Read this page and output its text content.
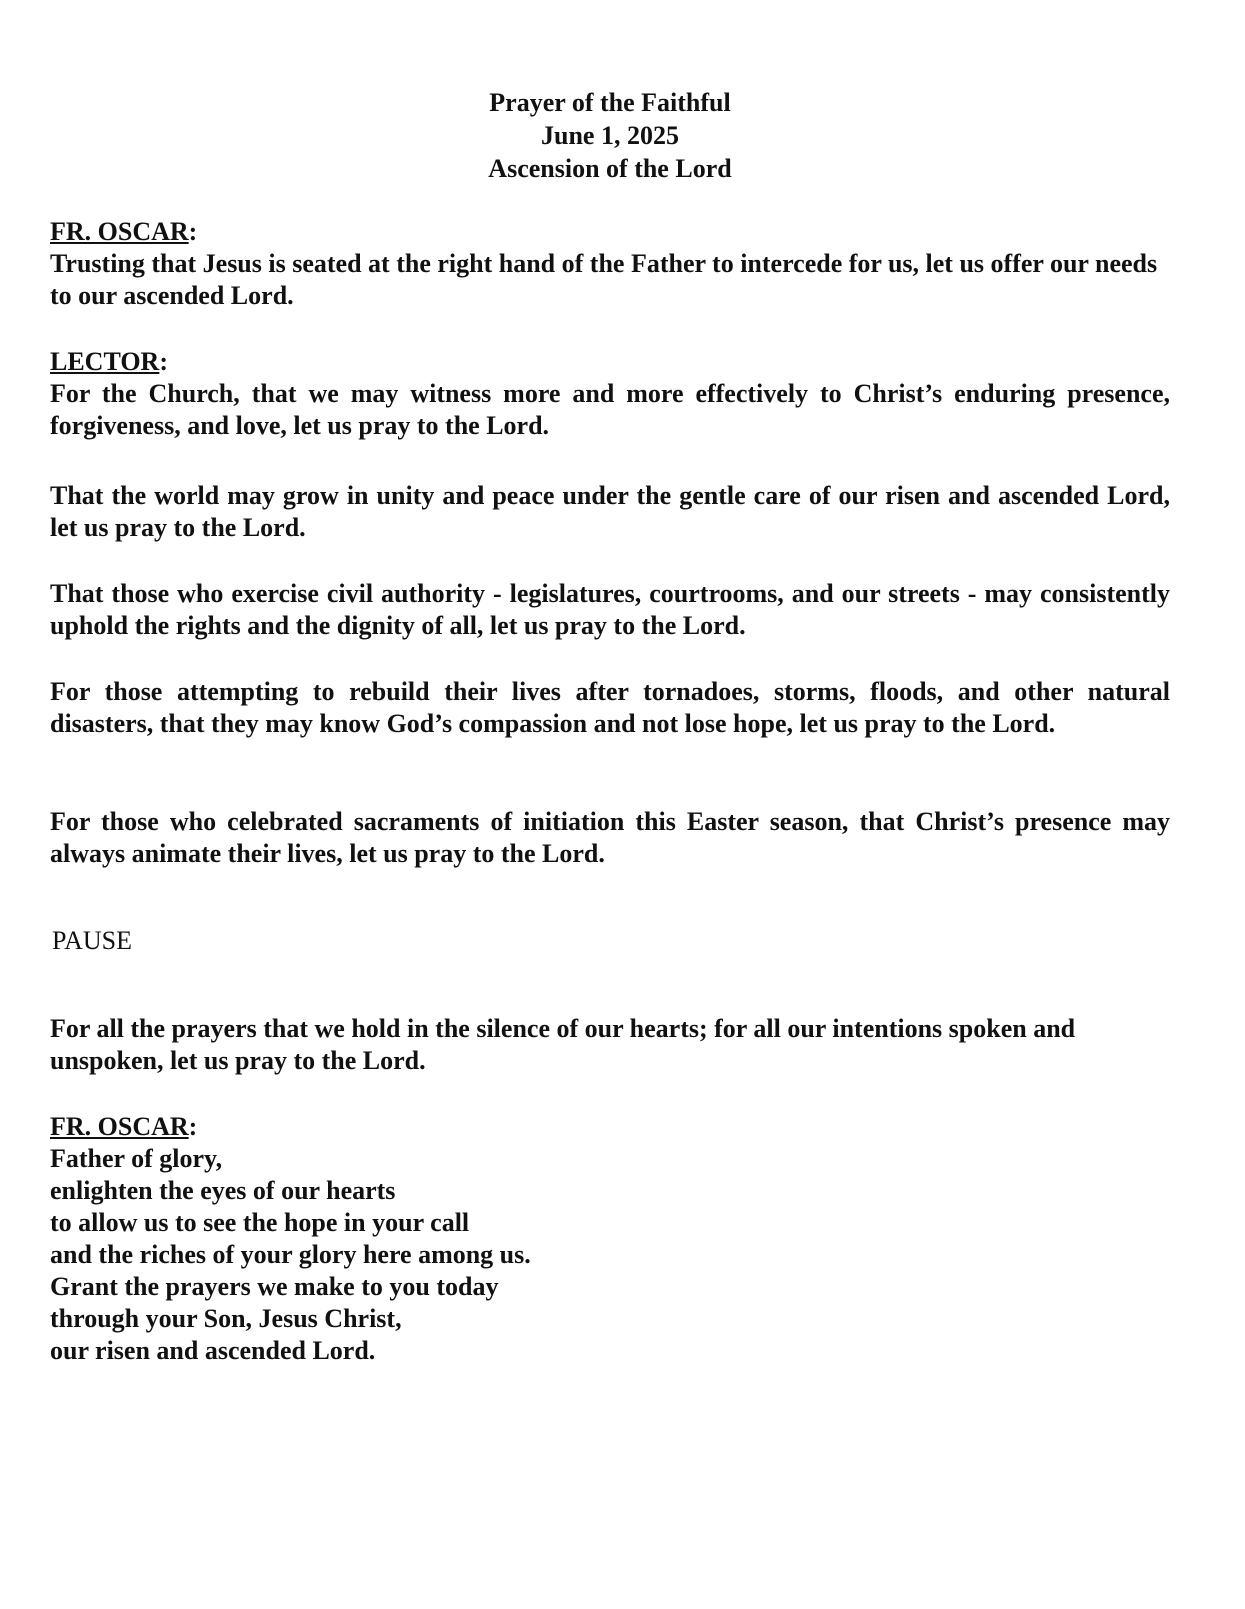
Prayer of the Faithful
June 1, 2025
Ascension of the Lord
FR. OSCAR:

Trusting that Jesus is seated at the right hand of the Father to intercede for us, let us offer our needs to our ascended Lord.

LECTOR:

For the Church, that we may witness more and more effectively to Christ’s enduring presence, forgiveness, and love, let us pray to the Lord.

That the world may grow in unity and peace under the gentle care of our risen and ascended Lord, let us pray to the Lord.

That those who exercise civil authority - legislatures, courtrooms, and our streets - may consistently uphold the rights and the dignity of all, let us pray to the Lord.

For those attempting to rebuild their lives after tornadoes, storms, floods, and other natural disasters, that they may know God’s compassion and not lose hope, let us pray to the Lord.

For those who celebrated sacraments of initiation this Easter season, that Christ’s presence may always animate their lives, let us pray to the Lord.

PAUSE

For all the prayers that we hold in the silence of our hearts; for all our intentions spoken and unspoken, let us pray to the Lord.

FR. OSCAR:
Father of glory,
enlighten the eyes of our hearts
to allow us to see the hope in your call
and the riches of your glory here among us.
Grant the prayers we make to you today
through your Son, Jesus Christ,
our risen and ascended Lord.
